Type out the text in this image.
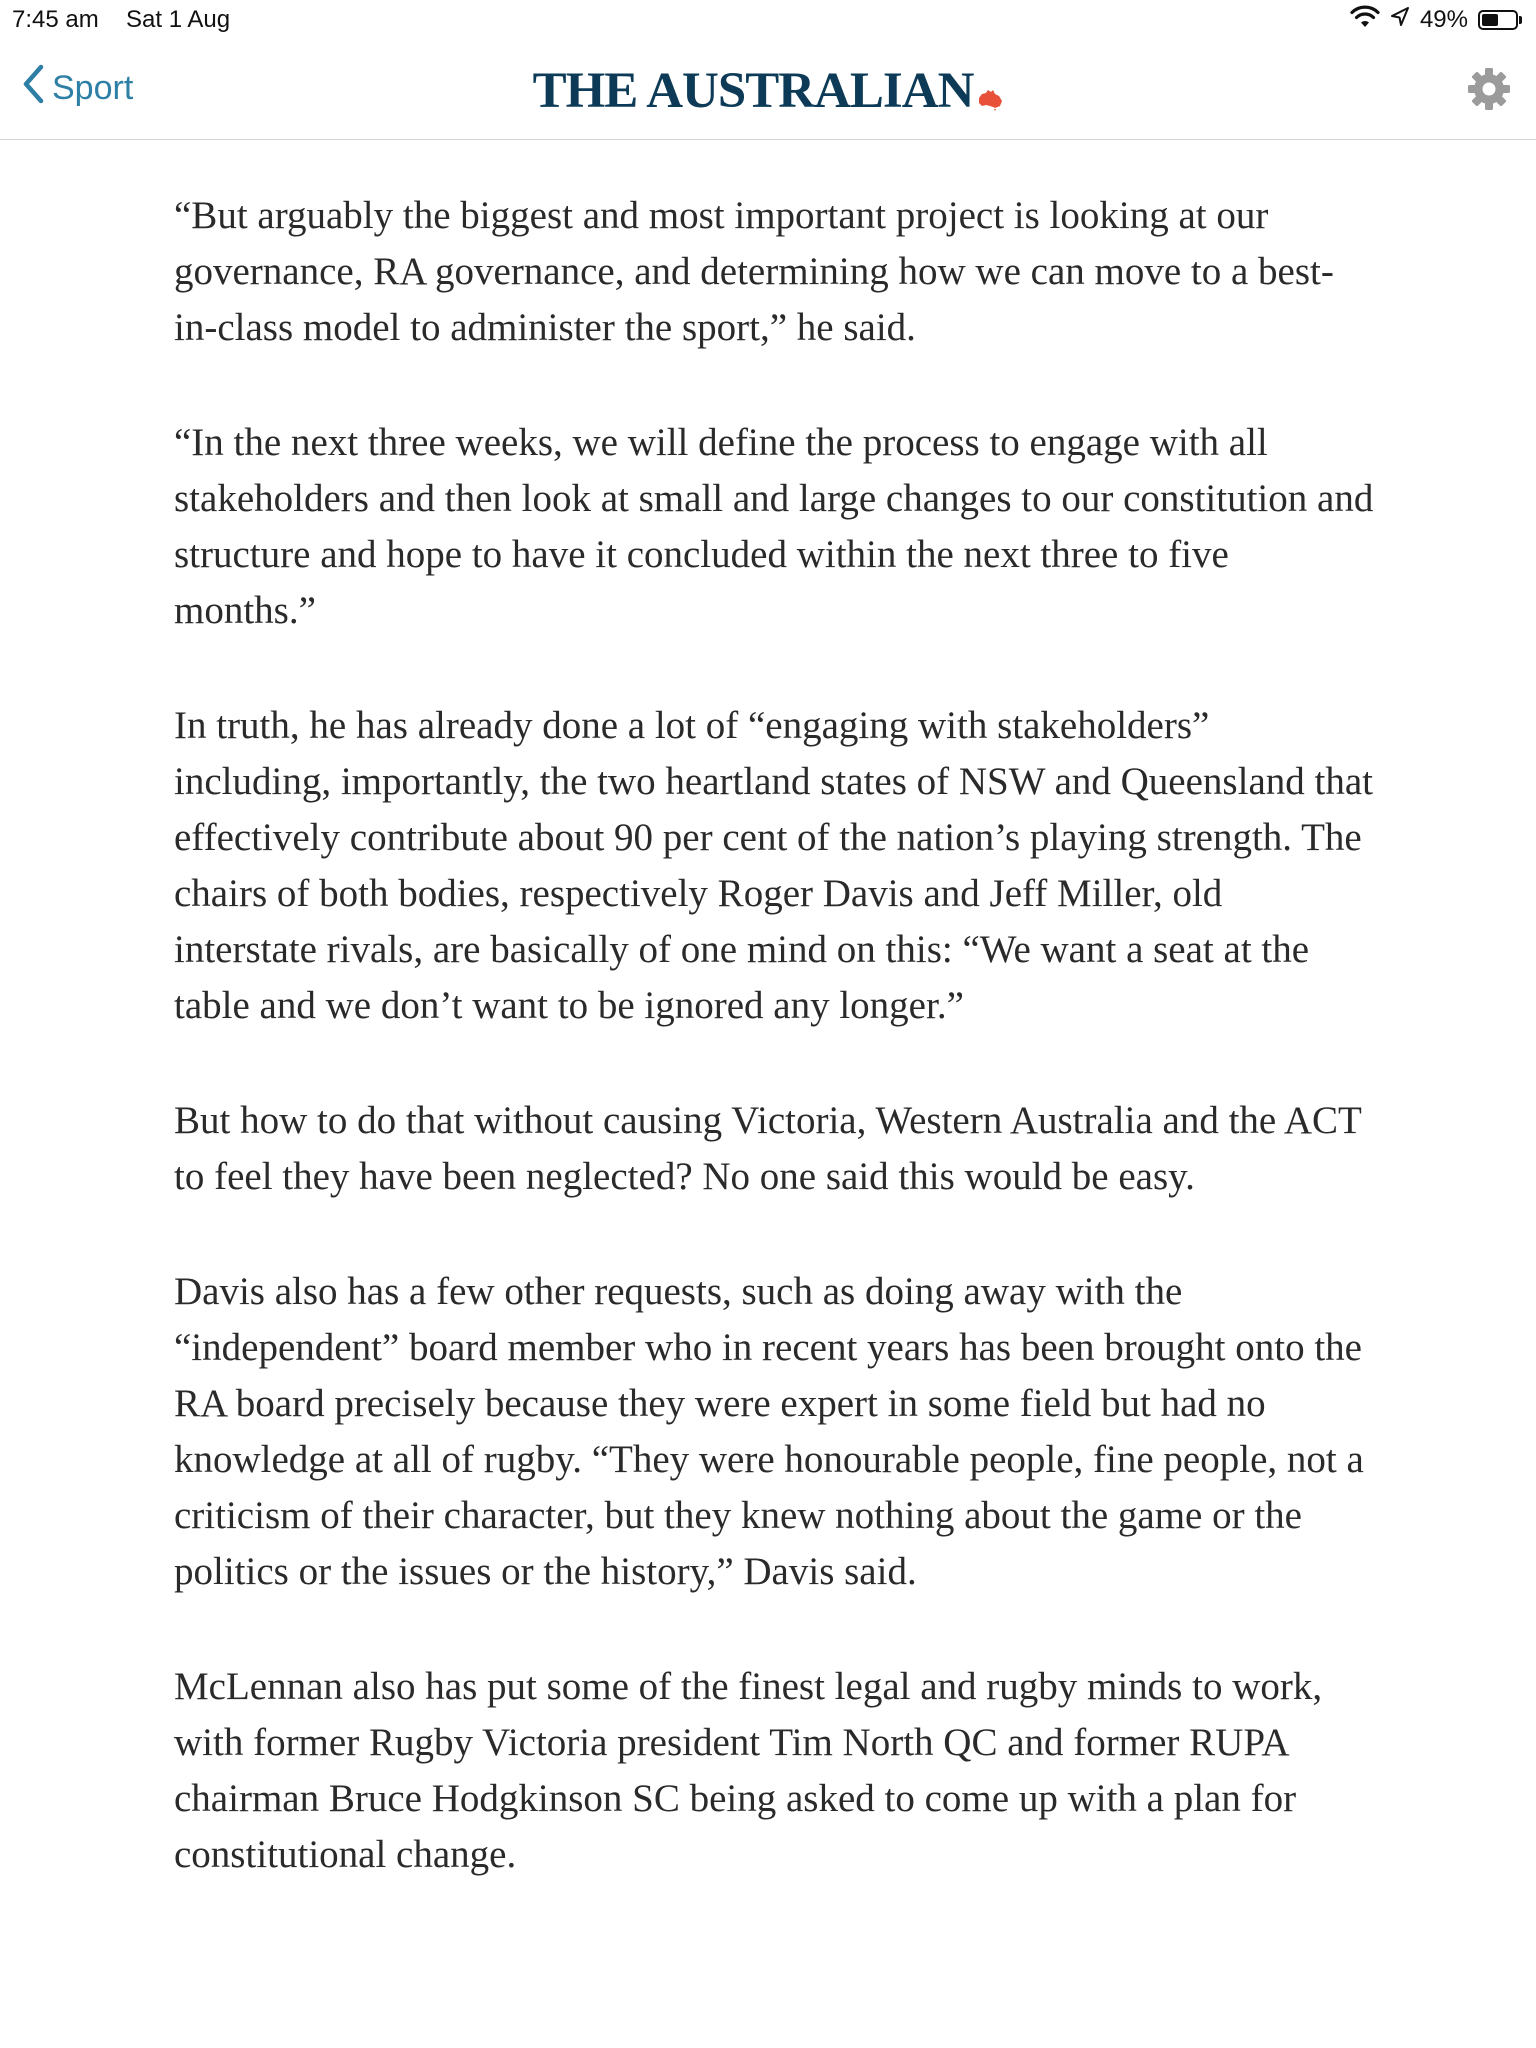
7:45 am Sat 1 Aug	49%
Sport	THE AUSTRALIAN

“But arguably the biggest and most important project is looking at our governance, RA governance, and determining how we can move to a best-in-class model to administer the sport,” he said.

“In the next three weeks, we will define the process to engage with all stakeholders and then look at small and large changes to our constitution and structure and hope to have it concluded within the next three to five months.”

In truth, he has already done a lot of “engaging with stakeholders” including, importantly, the two heartland states of NSW and Queensland that effectively contribute about 90 per cent of the nation’s playing strength. The chairs of both bodies, respectively Roger Davis and Jeff Miller, old interstate rivals, are basically of one mind on this: “We want a seat at the table and we don’t want to be ignored any longer.”

But how to do that without causing Victoria, Western Australia and the ACT to feel they have been neglected? No one said this would be easy.

Davis also has a few other requests, such as doing away with the “independent” board member who in recent years has been brought onto the RA board precisely because they were expert in some field but had no knowledge at all of rugby. “They were honourable people, fine people, not a criticism of their character, but they knew nothing about the game or the politics or the issues or the history,” Davis said.

McLennan also has put some of the finest legal and rugby minds to work, with former Rugby Victoria president Tim North QC and former RUPA chairman Bruce Hodgkinson SC being asked to come up with a plan for constitutional change.
